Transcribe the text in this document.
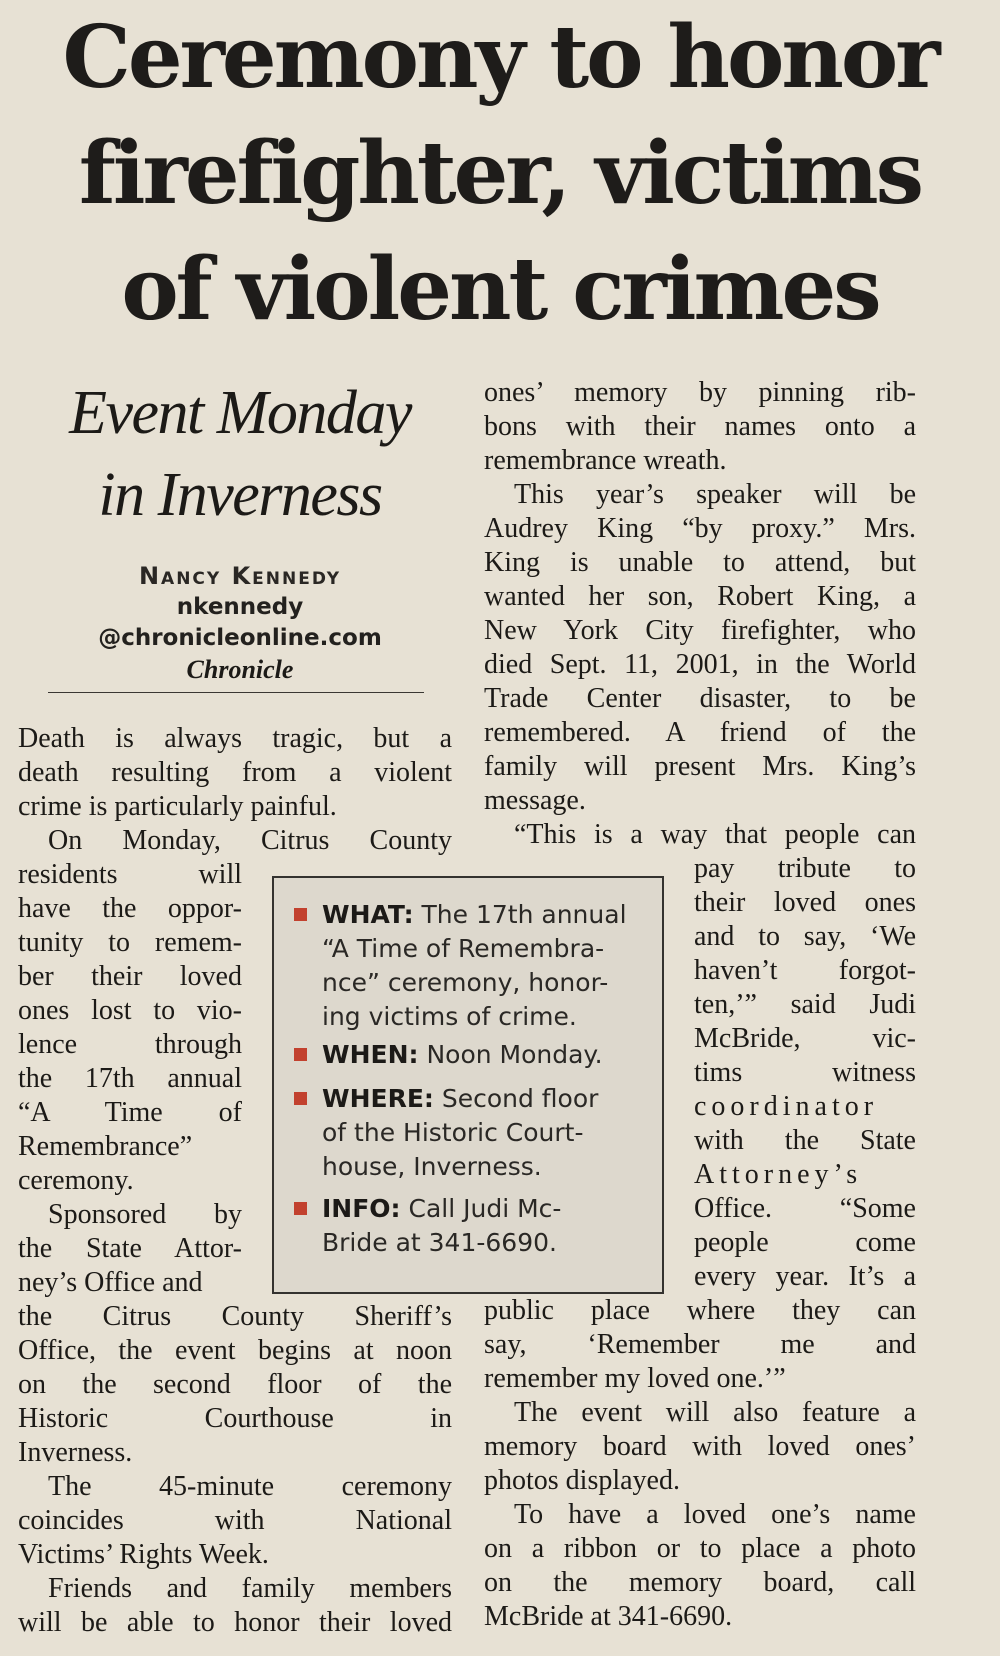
Ceremony to honor
firefighter, victims
of violent crimes
Event Monday
in Inverness
Nancy Kennedy
nkennedy
@chronicleonline.com
Chronicle
Death is always tragic, but a
death resulting from a violent
crime is particularly painful.
On Monday, Citrus County
residents will
have the oppor-
tunity to remem-
ber their loved
ones lost to vio-
lence through
the 17th annual
“A Time of
Remembrance”
ceremony.
Sponsored by
the State Attor-
ney’s Office and
the Citrus County Sheriff’s
Office, the event begins at noon
on the second floor of the
Historic Courthouse in
Inverness.
The 45-minute ceremony
coincides with National
Victims’ Rights Week.
Friends and family members
will be able to honor their loved
ones’ memory by pinning rib-
bons with their names onto a
remembrance wreath.
This year’s speaker will be
Audrey King “by proxy.” Mrs.
King is unable to attend, but
wanted her son, Robert King, a
New York City firefighter, who
died Sept. 11, 2001, in the World
Trade Center disaster, to be
remembered. A friend of the
family will present Mrs. King’s
message.
“This is a way that people can
pay tribute to
their loved ones
and to say, ‘We
haven’t forgot-
ten,’” said Judi
McBride, vic-
tims witness
coordinator
with the State
Attorney’s
Office. “Some
people come
every year. It’s a
public place where they can
say, ‘Remember me and
remember my loved one.’”
The event will also feature a
memory board with loved ones’
photos displayed.
To have a loved one’s name
on a ribbon or to place a photo
on the memory board, call
McBride at 341-6690.
WHAT: The 17th annual
“A Time of Remembra-
nce” ceremony, honor-
ing victims of crime.
WHEN: Noon Monday.
WHERE: Second floor
of the Historic Court-
house, Inverness.
INFO: Call Judi Mc-
Bride at 341-6690.
